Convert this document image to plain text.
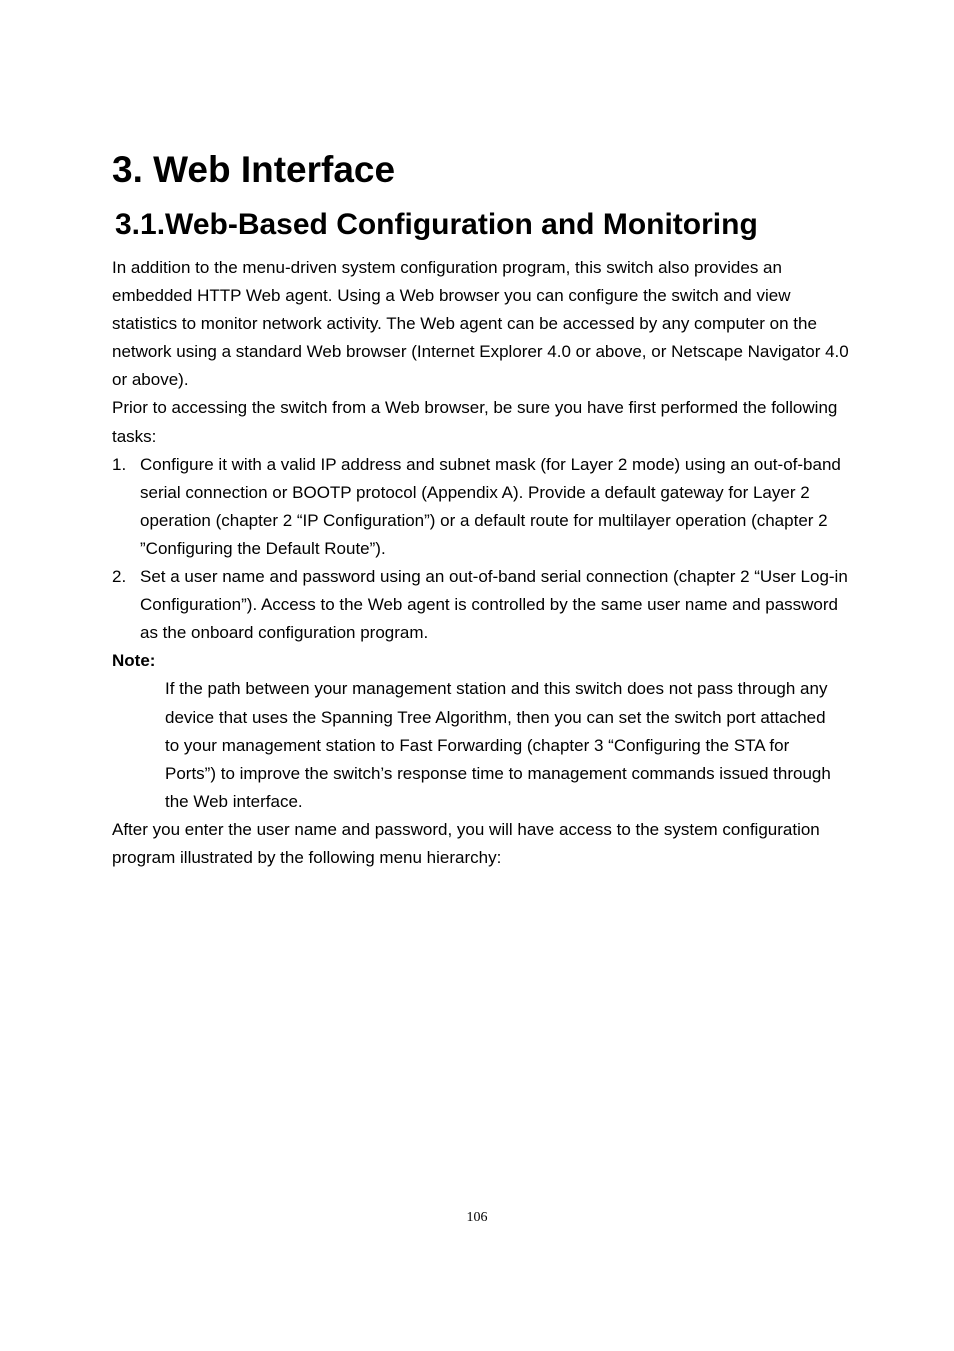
3. Web Interface
3.1.Web-Based Configuration and Monitoring

In addition to the menu-driven system configuration program, this switch also provides an embedded HTTP Web agent. Using a Web browser you can configure the switch and view statistics to monitor network activity. The Web agent can be accessed by any computer on the network using a standard Web browser (Internet Explorer 4.0 or above, or Netscape Navigator 4.0 or above).

Prior to accessing the switch from a Web browser, be sure you have first performed the following tasks:

1. Configure it with a valid IP address and subnet mask (for Layer 2 mode) using an out-of-band serial connection or BOOTP protocol (Appendix A). Provide a default gateway for Layer 2 operation (chapter 2 “IP Configuration”) or a default route for multilayer operation (chapter 2 ”Configuring the Default Route”).
2. Set a user name and password using an out-of-band serial connection (chapter 2 “User Log-in Configuration”). Access to the Web agent is controlled by the same user name and password as the onboard configuration program.

Note:

If the path between your management station and this switch does not pass through any device that uses the Spanning Tree Algorithm, then you can set the switch port attached to your management station to Fast Forwarding (chapter 3 “Configuring the STA for Ports”) to improve the switch’s response time to management commands issued through the Web interface.

After you enter the user name and password, you will have access to the system configuration program illustrated by the following menu hierarchy:

106
